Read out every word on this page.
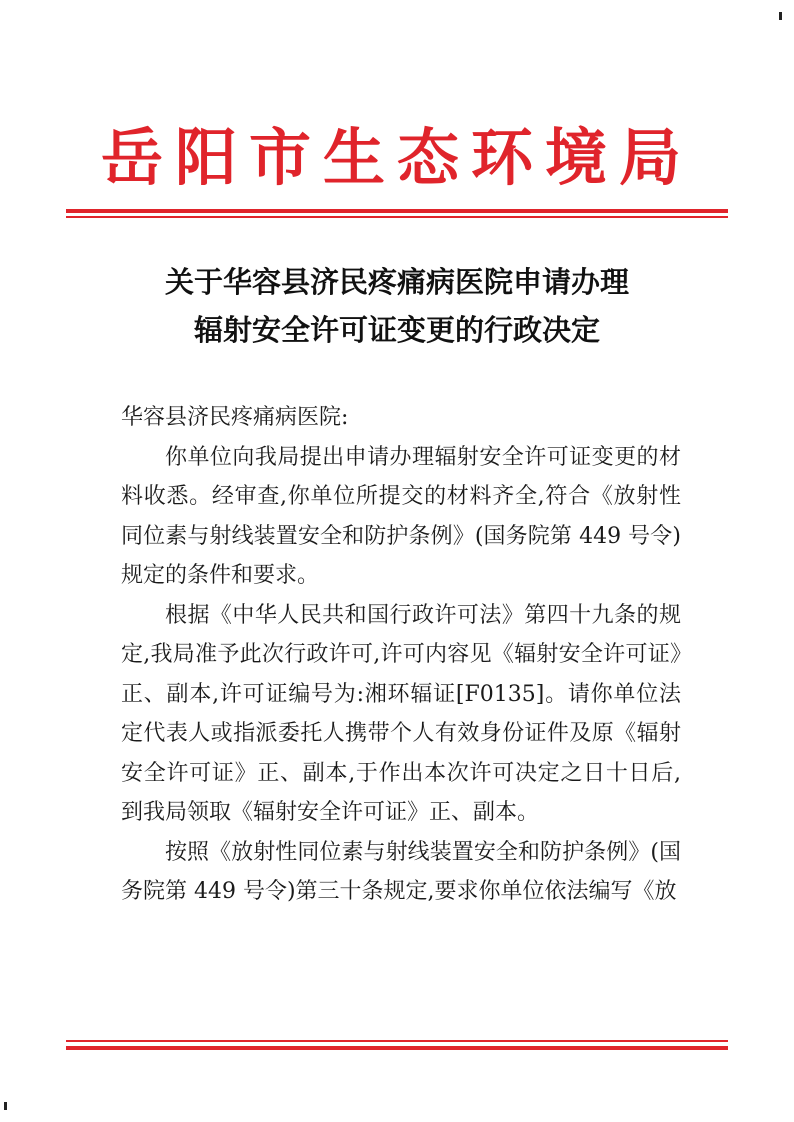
岳阳市生态环境局
关于华容县济民疼痛病医院申请办理
辐射安全许可证变更的行政决定

华容县济民疼痛病医院:

你单位向我局提出申请办理辐射安全许可证变更的材料收悉。经审查,你单位所提交的材料齐全,符合《放射性同位素与射线装置安全和防护条例》(国务院第 449 号令)规定的条件和要求。

根据《中华人民共和国行政许可法》第四十九条的规定,我局准予此次行政许可,许可内容见《辐射安全许可证》正、副本,许可证编号为:湘环辐证[F0135]。请你单位法定代表人或指派委托人携带个人有效身份证件及原《辐射安全许可证》正、副本,于作出本次许可决定之日十日后,到我局领取《辐射安全许可证》正、副本。

按照《放射性同位素与射线装置安全和防护条例》(国务院第 449 号令)第三十条规定,要求你单位依法编写《放
